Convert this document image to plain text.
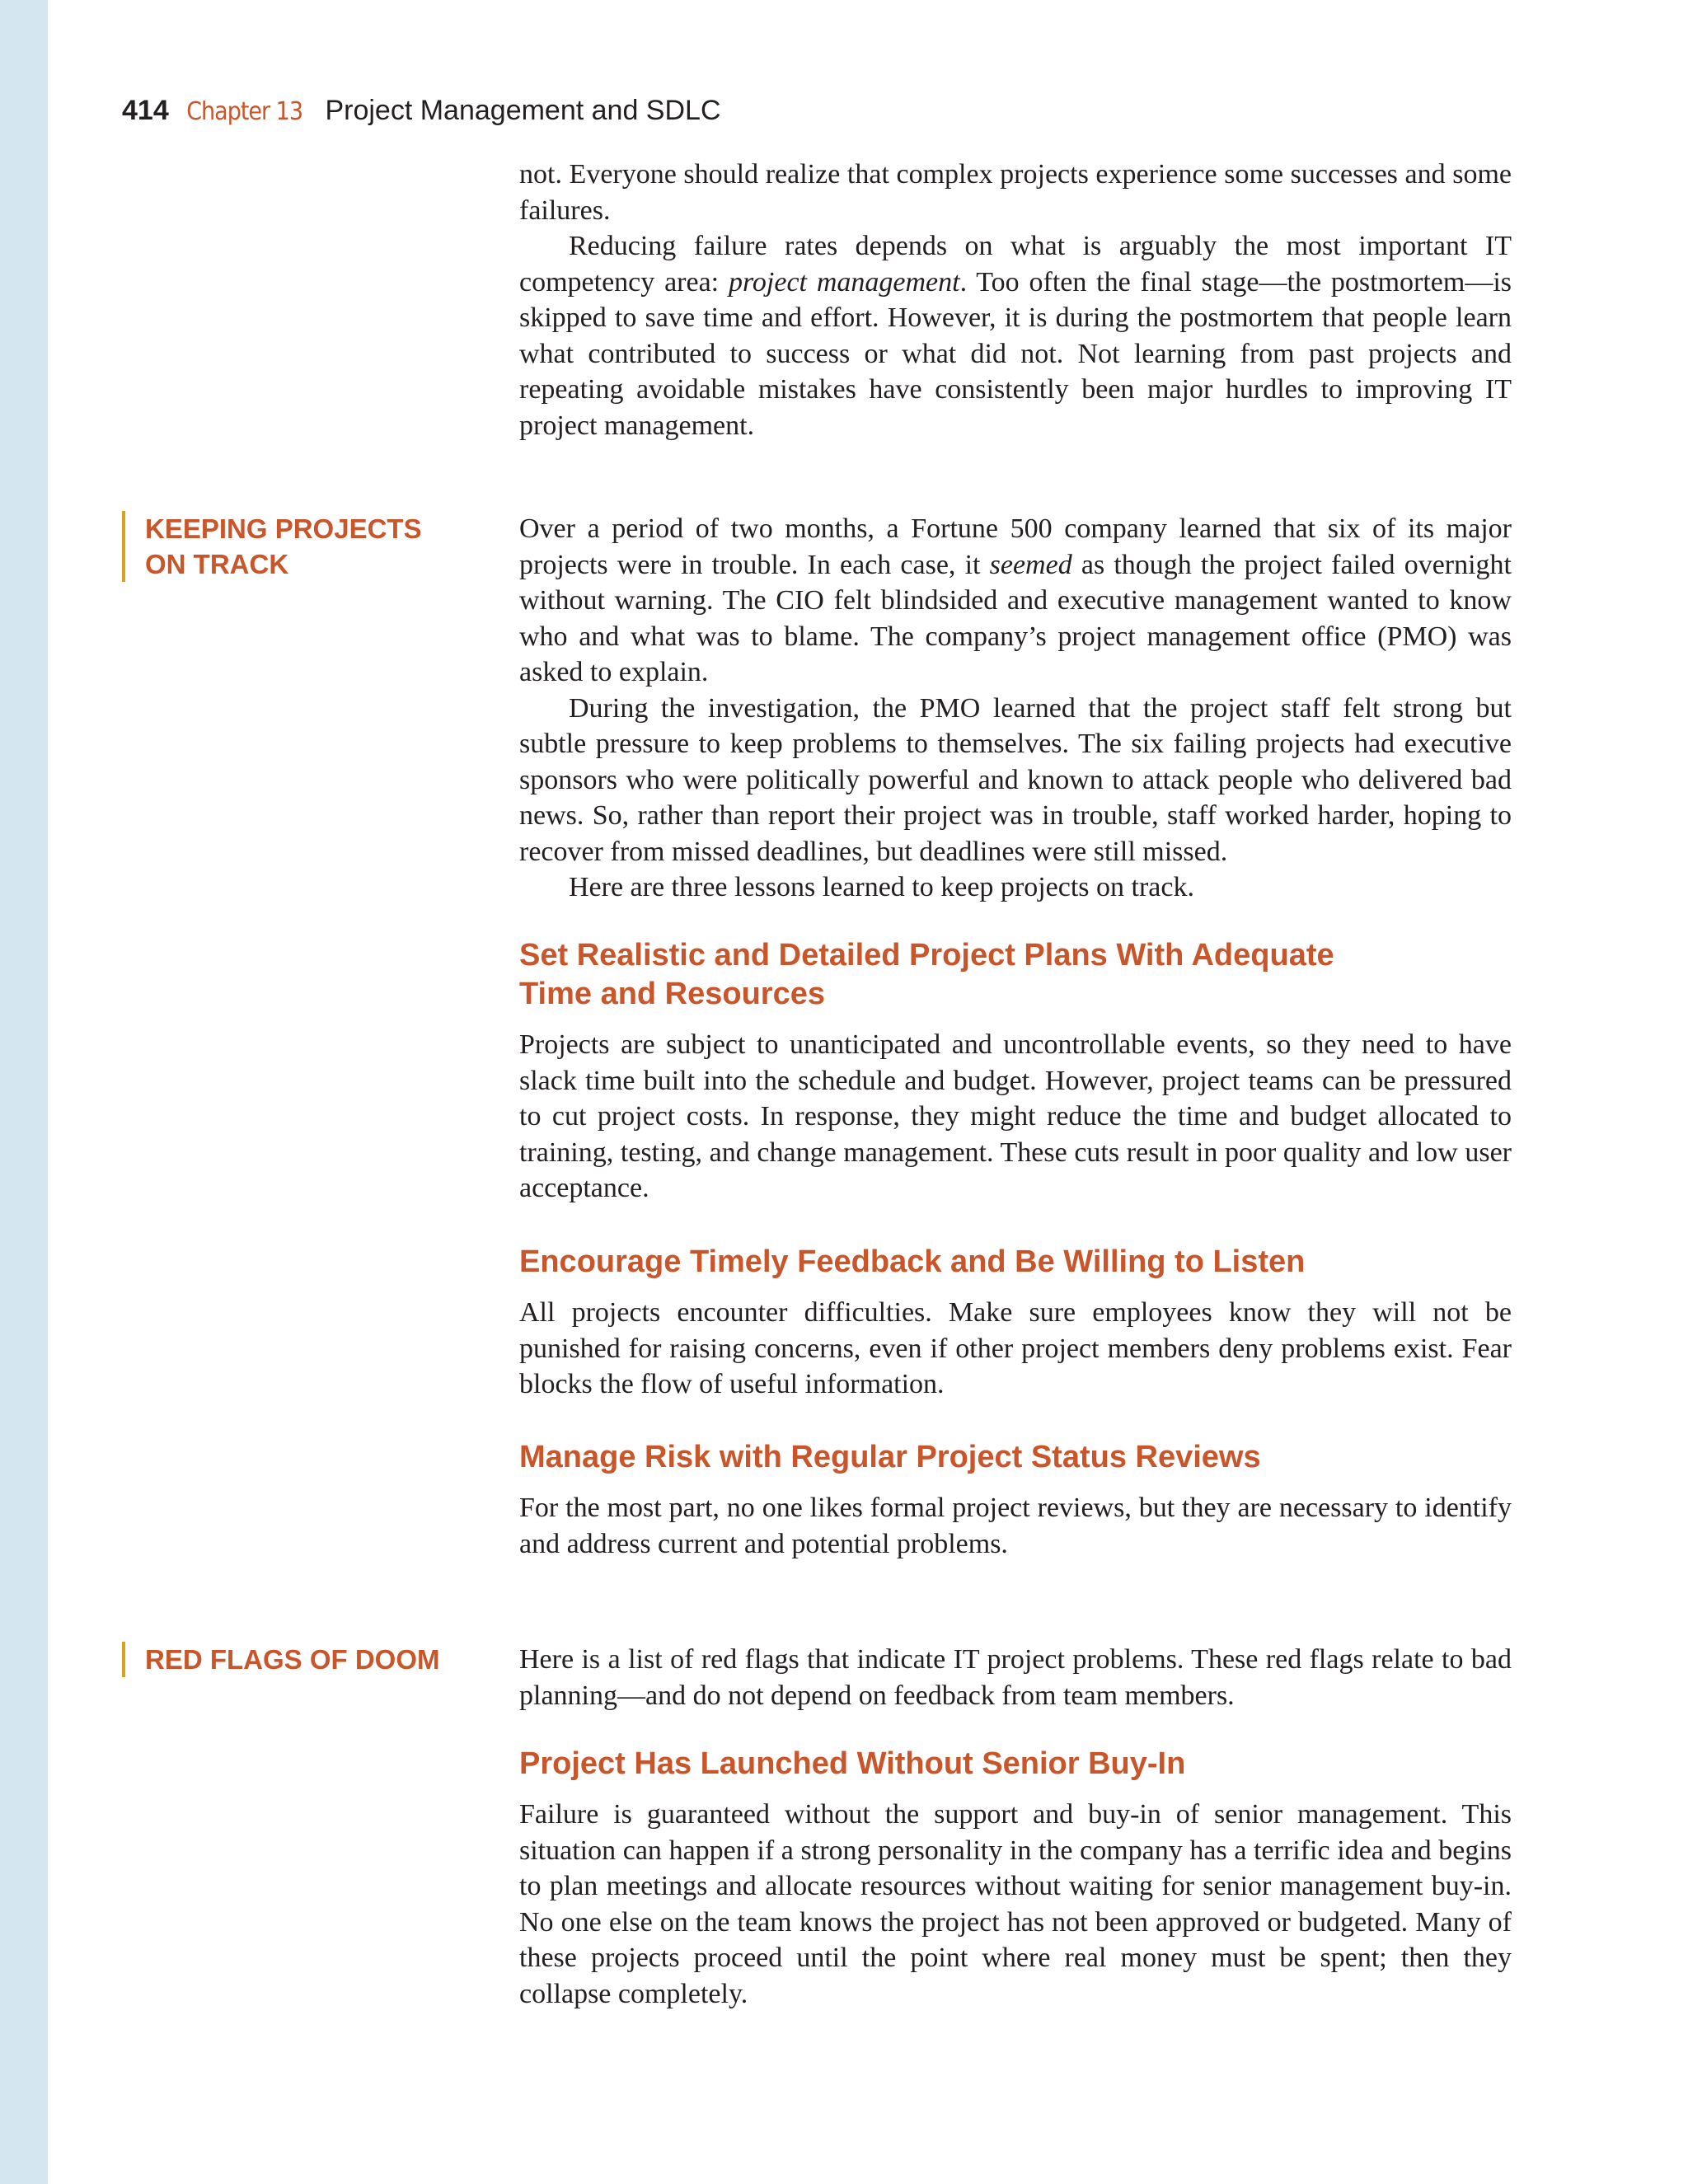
414 Chapter 13 Project Management and SDLC

not. Everyone should realize that complex projects experience some successes and some failures.

Reducing failure rates depends on what is arguably the most important IT competency area: project management. Too often the final stage—the postmortem—is skipped to save time and effort. However, it is during the postmortem that people learn what contributed to success or what did not. Not learning from past projects and repeating avoidable mistakes have consistently been major hurdles to improving IT project management.

KEEPING PROJECTS
ON TRACK

Over a period of two months, a Fortune 500 company learned that six of its major projects were in trouble. In each case, it seemed as though the project failed overnight without warning. The CIO felt blindsided and executive management wanted to know who and what was to blame. The company’s project management office (PMO) was asked to explain.

During the investigation, the PMO learned that the project staff felt strong but subtle pressure to keep problems to themselves. The six failing projects had executive sponsors who were politically powerful and known to attack people who delivered bad news. So, rather than report their project was in trouble, staff worked harder, hoping to recover from missed deadlines, but deadlines were still missed.

Here are three lessons learned to keep projects on track.

Set Realistic and Detailed Project Plans With Adequate
Time and Resources

Projects are subject to unanticipated and uncontrollable events, so they need to have slack time built into the schedule and budget. However, project teams can be pressured to cut project costs. In response, they might reduce the time and budget allocated to training, testing, and change management. These cuts result in poor quality and low user acceptance.

Encourage Timely Feedback and Be Willing to Listen

All projects encounter difficulties. Make sure employees know they will not be punished for raising concerns, even if other project members deny problems exist. Fear blocks the flow of useful information.

Manage Risk with Regular Project Status Reviews

For the most part, no one likes formal project reviews, but they are necessary to identify and address current and potential problems.

RED FLAGS OF DOOM	Here is a list of red flags that indicate IT project problems. These red flags relate to bad planning—and do not depend on feedback from team members.

Project Has Launched Without Senior Buy-In

Failure is guaranteed without the support and buy-in of senior management. This situation can happen if a strong personality in the company has a terrific idea and begins to plan meetings and allocate resources without waiting for senior management buy-in. No one else on the team knows the project has not been approved or budgeted. Many of these projects proceed until the point where real money must be spent; then they collapse completely.
